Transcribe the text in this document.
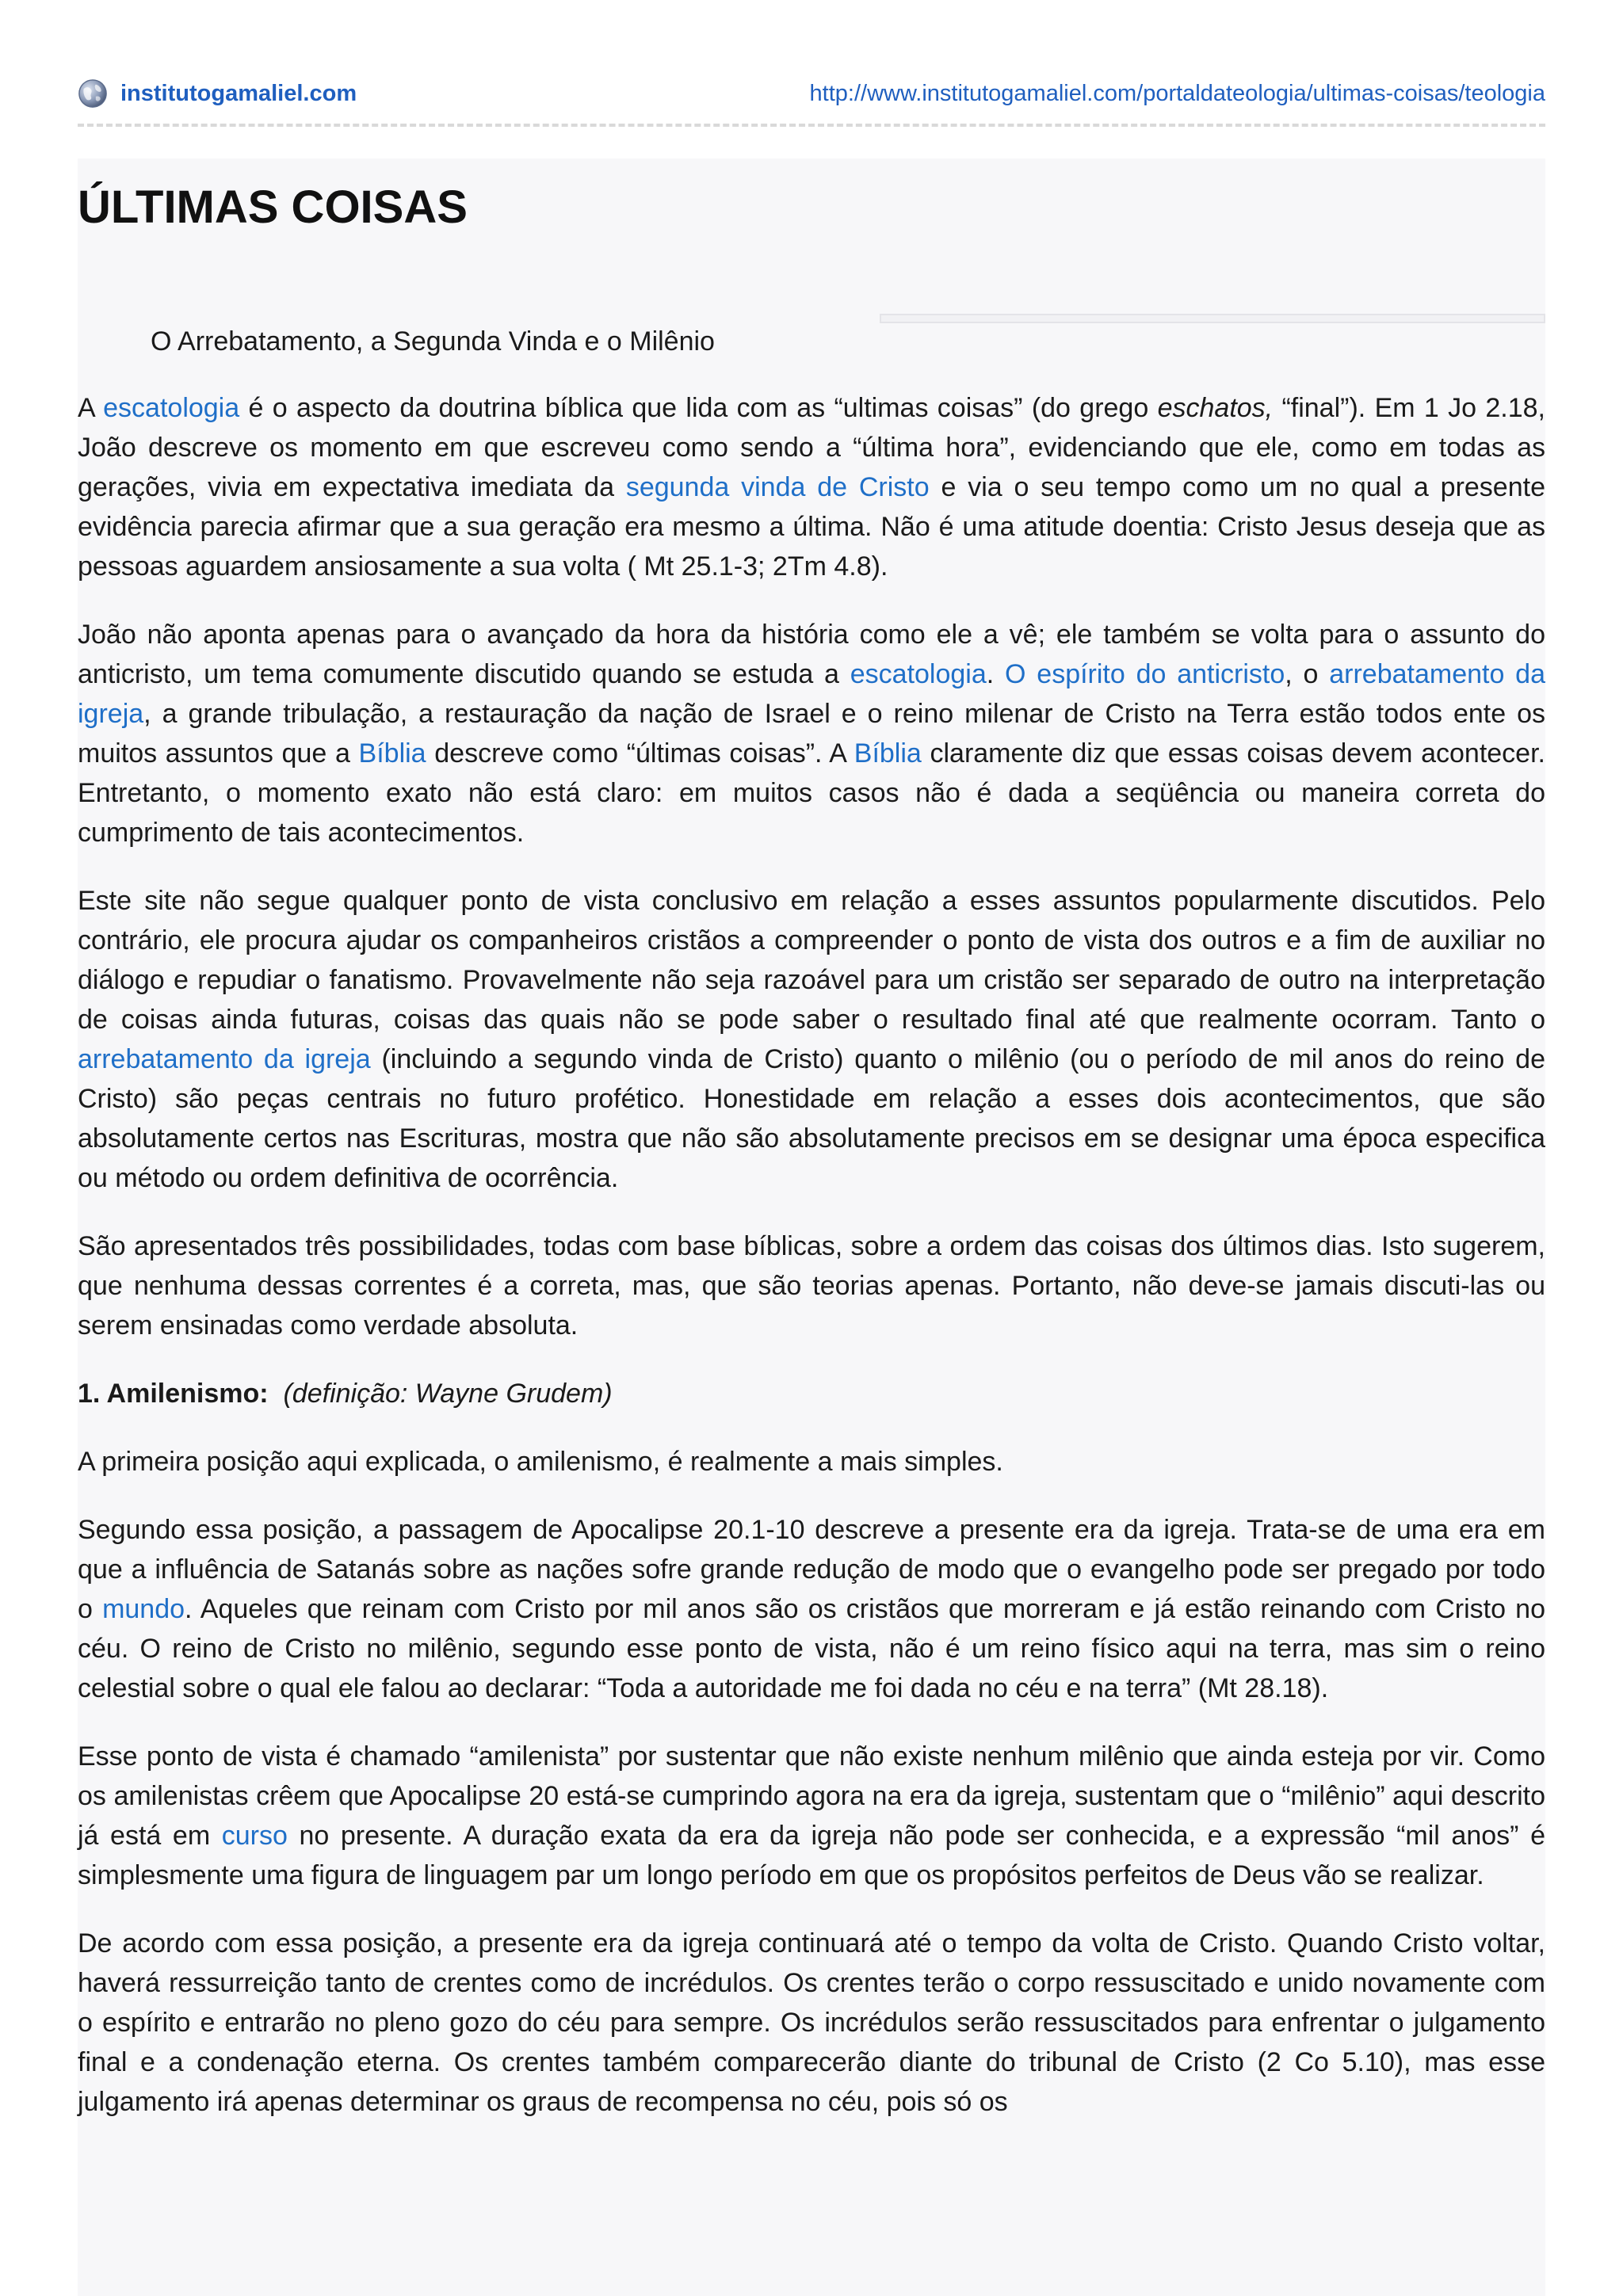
institutogamaliel.com	http://www.institutogamaliel.com/portaldateologia/ultimas-coisas/teologia
ÚLTIMAS COISAS
O Arrebatamento, a Segunda Vinda e o Milênio

A escatologia é o aspecto da doutrina bíblica que lida com as “ultimas coisas” (do grego eschatos, “final”). Em 1 Jo 2.18, João descreve os momento em que escreveu como sendo a “última hora”, evidenciando que ele, como em todas as gerações, vivia em expectativa imediata da segunda vinda de Cristo e via o seu tempo como um no qual a presente evidência parecia afirmar que a sua geração era mesmo a última. Não é uma atitude doentia: Cristo Jesus deseja que as pessoas aguardem ansiosamente a sua volta ( Mt 25.1-3; 2Tm 4.8).

João não aponta apenas para o avançado da hora da história como ele a vê; ele também se volta para o assunto do anticristo, um tema comumente discutido quando se estuda a escatologia. O espírito do anticristo, o arrebatamento da igreja, a grande tribulação, a restauração da nação de Israel e o reino milenar de Cristo na Terra estão todos ente os muitos assuntos que a Bíblia descreve como “últimas coisas”. A Bíblia claramente diz que essas coisas devem acontecer. Entretanto, o momento exato não está claro: em muitos casos não é dada a seqüência ou maneira correta do cumprimento de tais acontecimentos.

Este site não segue qualquer ponto de vista conclusivo em relação a esses assuntos popularmente discutidos. Pelo contrário, ele procura ajudar os companheiros cristãos a compreender o ponto de vista dos outros e a fim de auxiliar no diálogo e repudiar o fanatismo. Provavelmente não seja razoável para um cristão ser separado de outro na interpretação de coisas ainda futuras, coisas das quais não se pode saber o resultado final até que realmente ocorram. Tanto o arrebatamento da igreja (incluindo a segundo vinda de Cristo) quanto o milênio (ou o período de mil anos do reino de Cristo) são peças centrais no futuro profético. Honestidade em relação a esses dois acontecimentos, que são absolutamente certos nas Escrituras, mostra que não são absolutamente precisos em se designar uma época especifica ou método ou ordem definitiva de ocorrência.

São apresentados três possibilidades, todas com base bíblicas, sobre a ordem das coisas dos últimos dias. Isto sugerem, que nenhuma dessas correntes é a correta, mas, que são teorias apenas. Portanto, não deve-se jamais discuti-las ou serem ensinadas como verdade absoluta.

1. Amilenismo: (definição: Wayne Grudem)

A primeira posição aqui explicada, o amilenismo, é realmente a mais simples.

Segundo essa posição, a passagem de Apocalipse 20.1-10 descreve a presente era da igreja. Trata-se de uma era em que a influência de Satanás sobre as nações sofre grande redução de modo que o evangelho pode ser pregado por todo o mundo. Aqueles que reinam com Cristo por mil anos são os cristãos que morreram e já estão reinando com Cristo no céu. O reino de Cristo no milênio, segundo esse ponto de vista, não é um reino físico aqui na terra, mas sim o reino celestial sobre o qual ele falou ao declarar: “Toda a autoridade me foi dada no céu e na terra” (Mt 28.18).

Esse ponto de vista é chamado “amilenista” por sustentar que não existe nenhum milênio que ainda esteja por vir. Como os amilenistas crêem que Apocalipse 20 está-se cumprindo agora na era da igreja, sustentam que o “milênio” aqui descrito já está em curso no presente. A duração exata da era da igreja não pode ser conhecida, e a expressão “mil anos” é simplesmente uma figura de linguagem par um longo período em que os propósitos perfeitos de Deus vão se realizar.

De acordo com essa posição, a presente era da igreja continuará até o tempo da volta de Cristo. Quando Cristo voltar, haverá ressurreição tanto de crentes como de incrédulos. Os crentes terão o corpo ressuscitado e unido novamente com o espírito e entrarão no pleno gozo do céu para sempre. Os incrédulos serão ressuscitados para enfrentar o julgamento final e a condenação eterna. Os crentes também comparecerão diante do tribunal de Cristo (2 Co 5.10), mas esse julgamento irá apenas determinar os graus de recompensa no céu, pois só os
